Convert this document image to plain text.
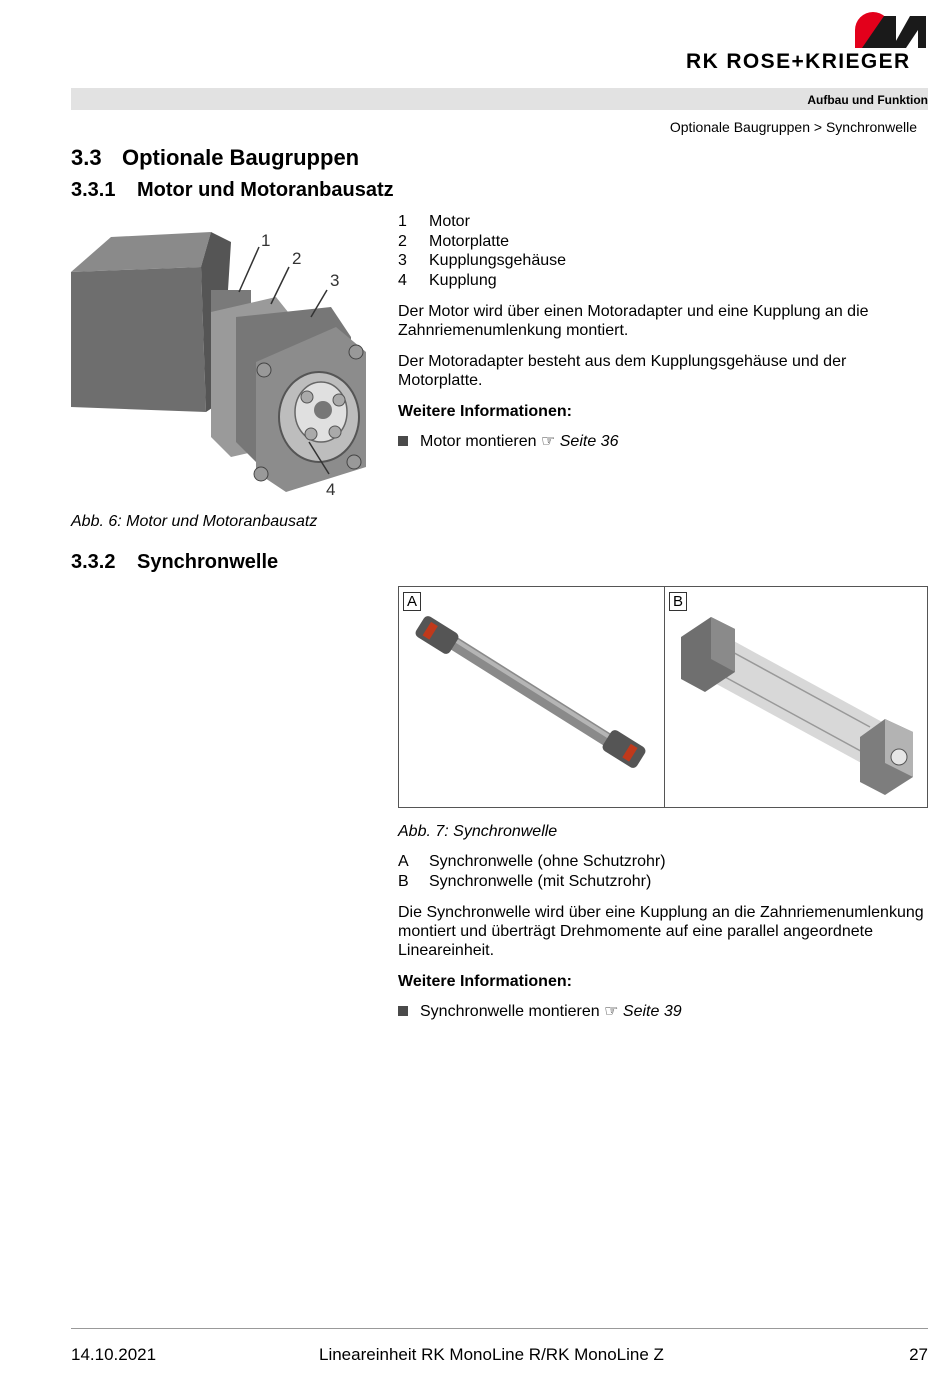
RK ROSE+KRIEGER
Aufbau und Funktion
Optionale Baugruppen > Synchronwelle
3.3 Optionale Baugruppen
3.3.1 Motor und Motoranbausatz
1
2
3
4
1 Motor
2 Motorplatte
3 Kupplungsgehäuse
4 Kupplung
Der Motor wird über einen Motoradapter und eine Kupplung an die Zahnriemenumlenkung montiert.
Der Motoradapter besteht aus dem Kupplungsgehäuse und der Motorplatte.
Weitere Informationen:
Motor montieren ☞ Seite 36
Abb. 6: Motor und Motoranbausatz
3.3.2 Synchronwelle
A	B
Abb. 7: Synchronwelle
A Synchronwelle (ohne Schutzrohr)
B Synchronwelle (mit Schutzrohr)
Die Synchronwelle wird über eine Kupplung an die Zahnriemenumlenkung montiert und überträgt Drehmomente auf eine parallel angeordnete Lineareinheit.
Weitere Informationen:
Synchronwelle montieren ☞ Seite 39
14.10.2021	Lineareinheit RK MonoLine R/RK MonoLine Z	27
